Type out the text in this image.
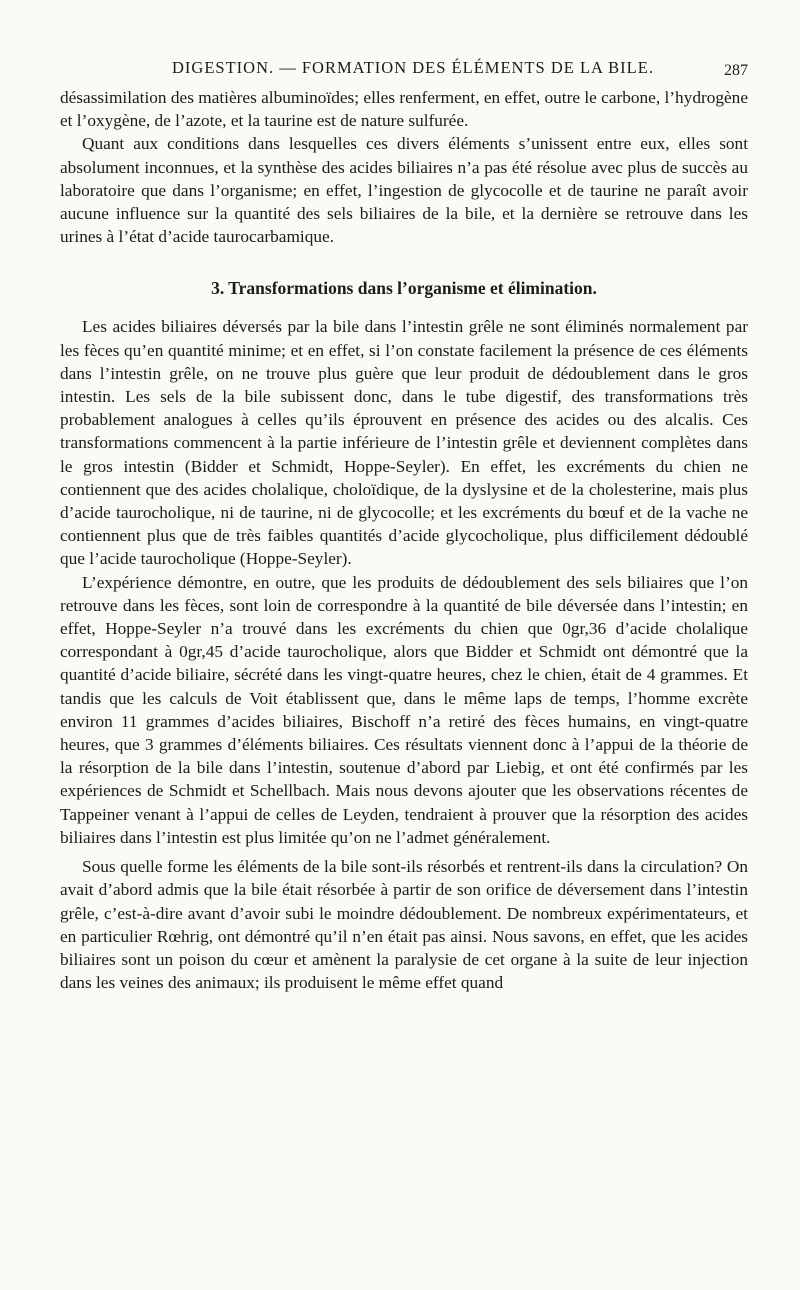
DIGESTION. — FORMATION DES ÉLÉMENTS DE LA BILE.	287

désassimilation des matières albuminoïdes; elles renferment, en effet, outre le carbone, l’hydrogène et l’oxygène, de l’azote, et la taurine est de nature sulfurée.

Quant aux conditions dans lesquelles ces divers éléments s’unissent entre eux, elles sont absolument inconnues, et la synthèse des acides biliaires n’a pas été résolue avec plus de succès au laboratoire que dans l’organisme; en effet, l’ingestion de glycocolle et de taurine ne paraît avoir aucune influence sur la quantité des sels biliaires de la bile, et la dernière se retrouve dans les urines à l’état d’acide taurocarbamique.

3. Transformations dans l’organisme et élimination.

Les acides biliaires déversés par la bile dans l’intestin grêle ne sont éliminés normalement par les fèces qu’en quantité minime; et en effet, si l’on constate facilement la présence de ces éléments dans l’intestin grêle, on ne trouve plus guère que leur produit de dédoublement dans le gros intestin. Les sels de la bile subissent donc, dans le tube digestif, des transformations très probablement analogues à celles qu’ils éprouvent en présence des acides ou des alcalis. Ces transformations commencent à la partie inférieure de l’intestin grêle et deviennent complètes dans le gros intestin (Bidder et Schmidt, Hoppe-Seyler). En effet, les excréments du chien ne contiennent que des acides cholalique, choloïdique, de la dyslysine et de la cholesterine, mais plus d’acide taurocholique, ni de taurine, ni de glycocolle; et les excréments du bœuf et de la vache ne contiennent plus que de très faibles quantités d’acide glycocholique, plus difficilement dédoublé que l’acide taurocholique (Hoppe-Seyler).

L’expérience démontre, en outre, que les produits de dédoublement des sels biliaires que l’on retrouve dans les fèces, sont loin de correspondre à la quantité de bile déversée dans l’intestin; en effet, Hoppe-Seyler n’a trouvé dans les excréments du chien que 0gr,36 d’acide cholalique correspondant à 0gr,45 d’acide taurocholique, alors que Bidder et Schmidt ont démontré que la quantité d’acide biliaire, sécrété dans les vingt-quatre heures, chez le chien, était de 4 grammes. Et tandis que les calculs de Voit établissent que, dans le même laps de temps, l’homme excrète environ 11 grammes d’acides biliaires, Bischoff n’a retiré des fèces humains, en vingt-quatre heures, que 3 grammes d’éléments biliaires. Ces résultats viennent donc à l’appui de la théorie de la résorption de la bile dans l’intestin, soutenue d’abord par Liebig, et ont été confirmés par les expériences de Schmidt et Schellbach. Mais nous devons ajouter que les observations récentes de Tappeiner venant à l’appui de celles de Leyden, tendraient à prouver que la résorption des acides biliaires dans l’intestin est plus limitée qu’on ne l’admet généralement.

Sous quelle forme les éléments de la bile sont-ils résorbés et rentrent-ils dans la circulation? On avait d’abord admis que la bile était résorbée à partir de son orifice de déversement dans l’intestin grêle, c’est-à-dire avant d’avoir subi le moindre dédoublement. De nombreux expérimentateurs, et en particulier Rœhrig, ont démontré qu’il n’en était pas ainsi. Nous savons, en effet, que les acides biliaires sont un poison du cœur et amènent la paralysie de cet organe à la suite de leur injection dans les veines des animaux; ils produisent le même effet quand
